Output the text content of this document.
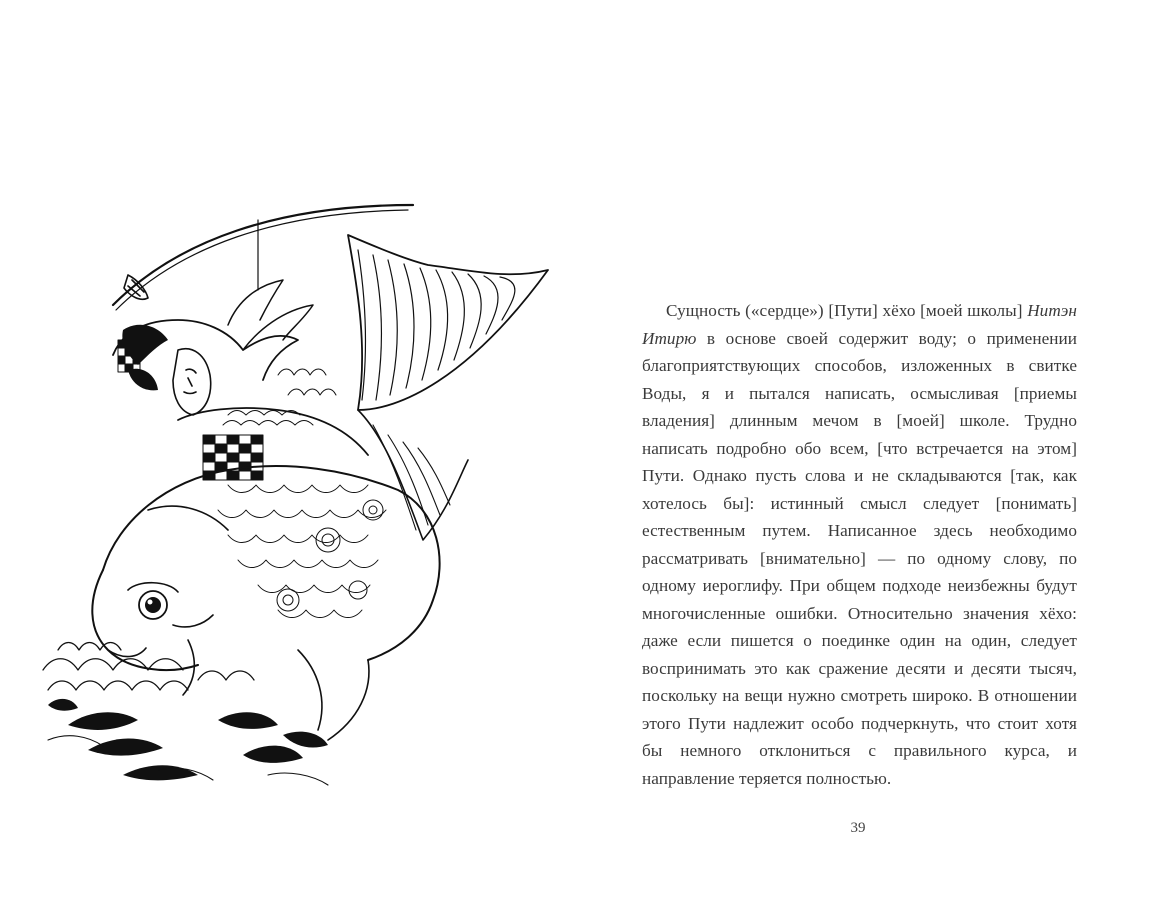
Сущность («сердце») [Пути] хёхо [моей школы] Нитэн Итирю в основе своей содержит воду; о применении благоприятствующих способов, изложенных в свитке Воды, я и пытался написать, осмысливая [приемы владения] длинным мечом в [моей] школе. Трудно написать подробно обо всем, [что встречается на этом] Пути. Однако пусть слова и не складываются [так, как хотелось бы]: истинный смысл следует [понимать] естественным путем. Написанное здесь необходимо рассматривать [внимательно] — по одному слову, по одному иероглифу. При общем подходе неизбежны будут многочисленные ошибки. Относительно значения хёхо: даже если пишется о поединке один на один, следует воспринимать это как сражение десяти и десяти тысяч, поскольку на вещи нужно смотреть широко. В отношении этого Пути надлежит особо подчеркнуть, что стоит хотя бы немного отклониться с правильного курса, и направление теряется полностью.

39
